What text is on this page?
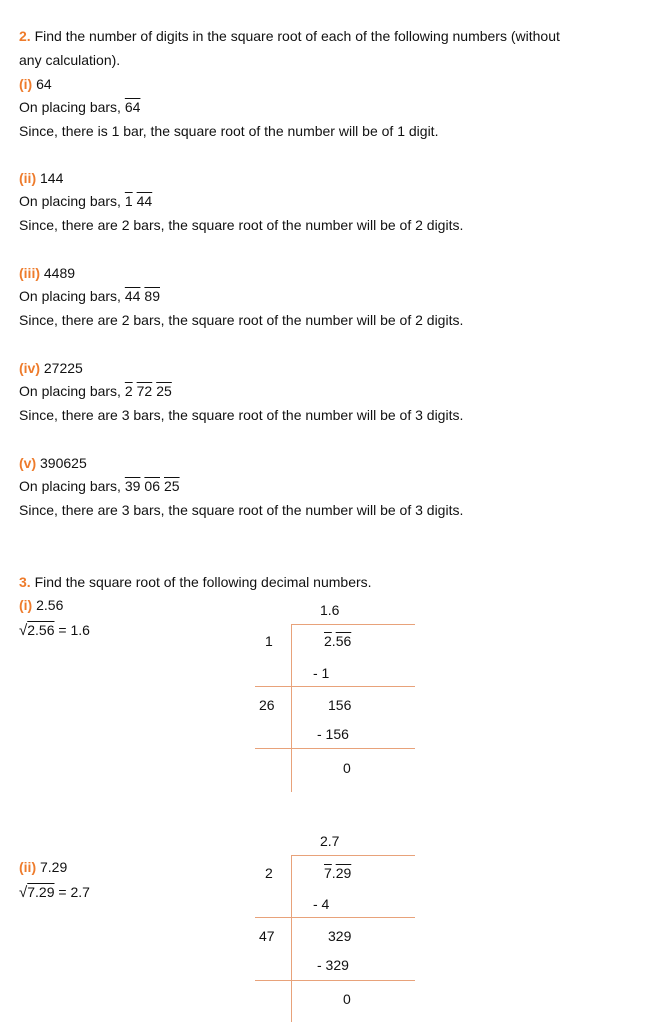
2. Find the number of digits in the square root of each of the following numbers (without
any calculation).
(i) 64
On placing bars, 64
Since, there is 1 bar, the square root of the number will be of 1 digit.
(ii) 144
On placing bars, 1 44
Since, there are 2 bars, the square root of the number will be of 2 digits.
(iii) 4489
On placing bars, 44 89
Since, there are 2 bars, the square root of the number will be of 2 digits.
(iv) 27225
On placing bars, 2 72 25
Since, there are 3 bars, the square root of the number will be of 3 digits.
(v) 390625
On placing bars, 39 06 25
Since, there are 3 bars, the square root of the number will be of 3 digits.
3. Find the square root of the following decimal numbers.
(i) 2.56
√2.56 = 1.6
1.6
1	2.56
- 1
26	156
- 156
0
(ii) 7.29
√7.29 = 2.7
2.7
2	7.29
- 4
47	329
- 329
0
